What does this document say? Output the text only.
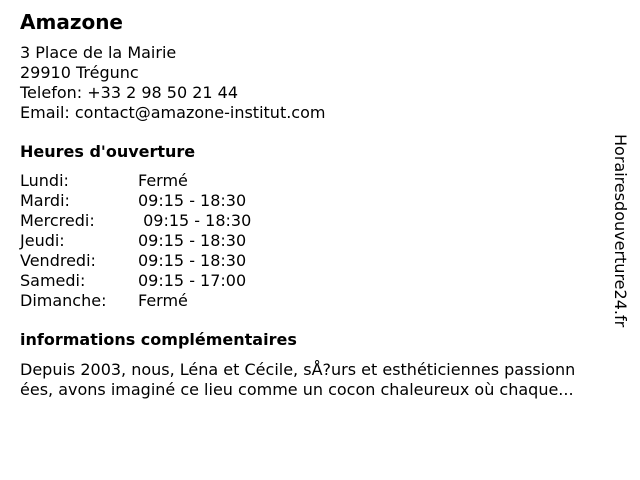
Amazone
3 Place de la Mairie
29910 Trégunc
Telefon: +33 2 98 50 21 44
Email: contact@amazone-institut.com
Heures d'ouverture
Lundi:	Fermé
Mardi:	09:15 - 18:30
Mercredi:	09:15 - 18:30
Jeudi:	09:15 - 18:30
Vendredi:	09:15 - 18:30
Samedi:	09:15 - 17:00
Dimanche:	Fermé
informations complémentaires
Depuis 2003, nous, Léna et Cécile, sÅ?urs et esthéticiennes passionn
ées, avons imaginé ce lieu comme un cocon chaleureux où chaque...
Horairesdouverture24.fr
